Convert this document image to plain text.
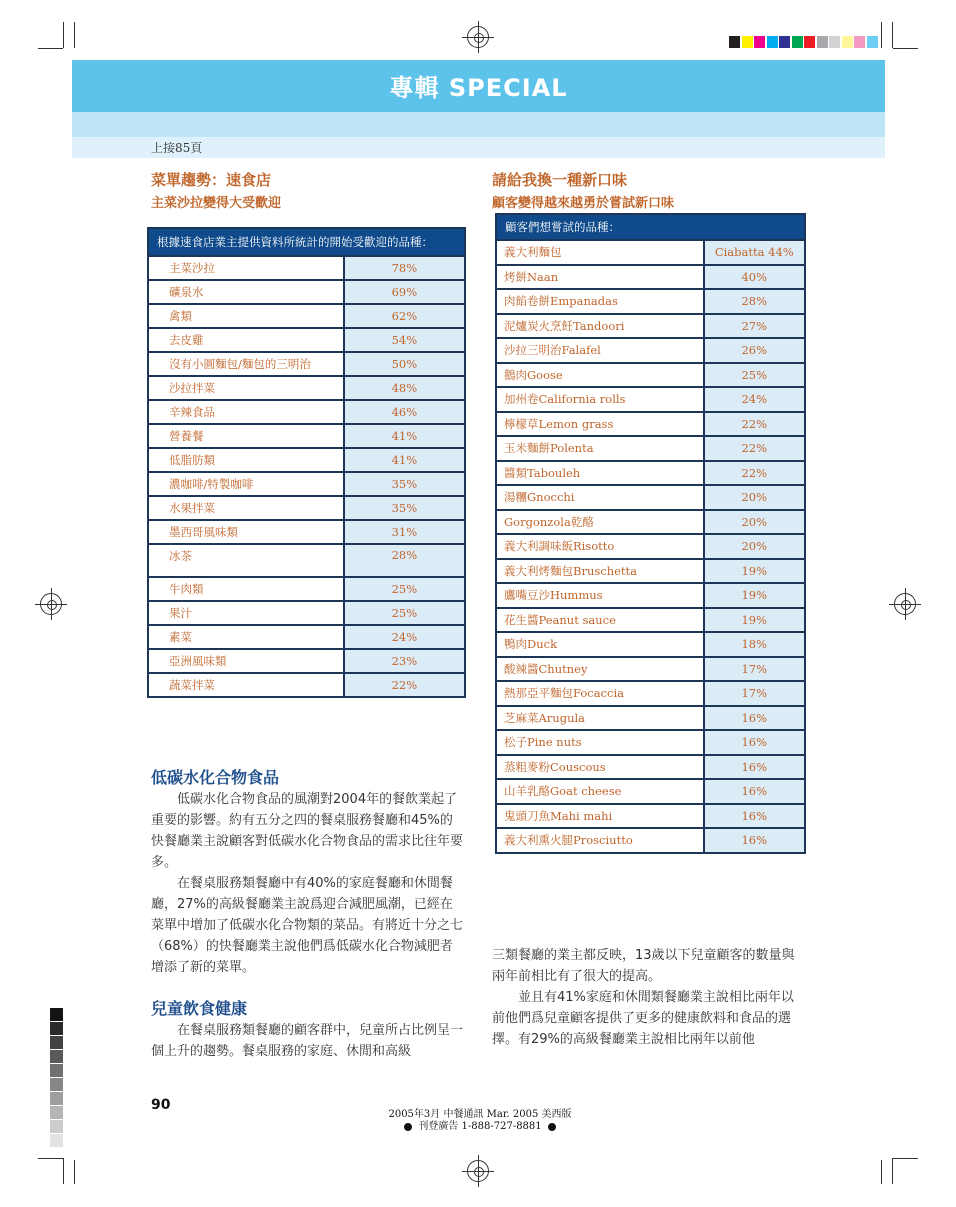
專輯 SPECIAL
上接85頁
菜單趨勢：速食店
主菜沙拉變得大受歡迎
根據速食店業主提供資料所統計的開始受歡迎的品種：	
主菜沙拉	78%
礦泉水	69%
禽類	62%
去皮雞	54%
沒有小圓麵包/麵包的三明治	50%
沙拉拌菜	48%
辛辣食品	46%
營養餐	41%
低脂肪類	41%
濃咖啡/特製咖啡	35%
水果拌菜	35%
墨西哥風味類	31%
冰茶	28%
牛肉類	25%
果汁	25%
素菜	24%
亞洲風味類	23%
蔬菜拌菜	22%
低碳水化合物食品

低碳水化合物食品的風潮對2004年的餐飲業起了重要的影響。約有五分之四的餐桌服務餐廳和45%的快餐廳業主說顧客對低碳水化合物食品的需求比往年要多。

在餐桌服務類餐廳中有40%的家庭餐廳和休閒餐廳，27%的高級餐廳業主說爲迎合減肥風潮，已經在菜單中增加了低碳水化合物類的菜品。有將近十分之七（68%）的快餐廳業主說他們爲低碳水化合物減肥者增添了新的菜單。

兒童飲食健康

在餐桌服務類餐廳的顧客群中，兒童所占比例呈一個上升的趨勢。餐桌服務的家庭、休閒和高級

請給我換一種新口味
顧客變得越來越勇於嘗試新口味
顧客們想嘗試的品種：	
義大利麵包	Ciabatta 44%
烤餅Naan	40%
肉餡卷餅Empanadas	28%
泥爐炭火烹飪Tandoori	27%
沙拉三明治Falafel	26%
鵝肉Goose	25%
加州卷California rolls	24%
檸檬草Lemon grass	22%
玉米麵餅Polenta	22%
醬類Tabouleh	22%
湯糰Gnocchi	20%
Gorgonzola乾酪	20%
義大利調味飯Risotto	20%
義大利烤麵包Bruschetta	19%
鷹嘴豆沙Hummus	19%
花生醬Peanut sauce	19%
鴨肉Duck	18%
酸辣醬Chutney	17%
熱那亞平麵包Focaccia	17%
芝麻菜Arugula	16%
松子Pine nuts	16%
蒸粗麥粉Couscous	16%
山羊乳酪Goat cheese	16%
鬼頭刀魚Mahi mahi	16%
義大利熏火腿Prosciutto	16%

三類餐廳的業主都反映，13歲以下兒童顧客的數量與兩年前相比有了很大的提高。

並且有41%家庭和休閒類餐廳業主說相比兩年以前他們爲兒童顧客提供了更多的健康飲料和食品的選擇。有29%的高級餐廳業主說相比兩年以前他

90
2005年3月 中餐通訊 Mar. 2005 美西版
刊登廣告 1-888-727-8881
